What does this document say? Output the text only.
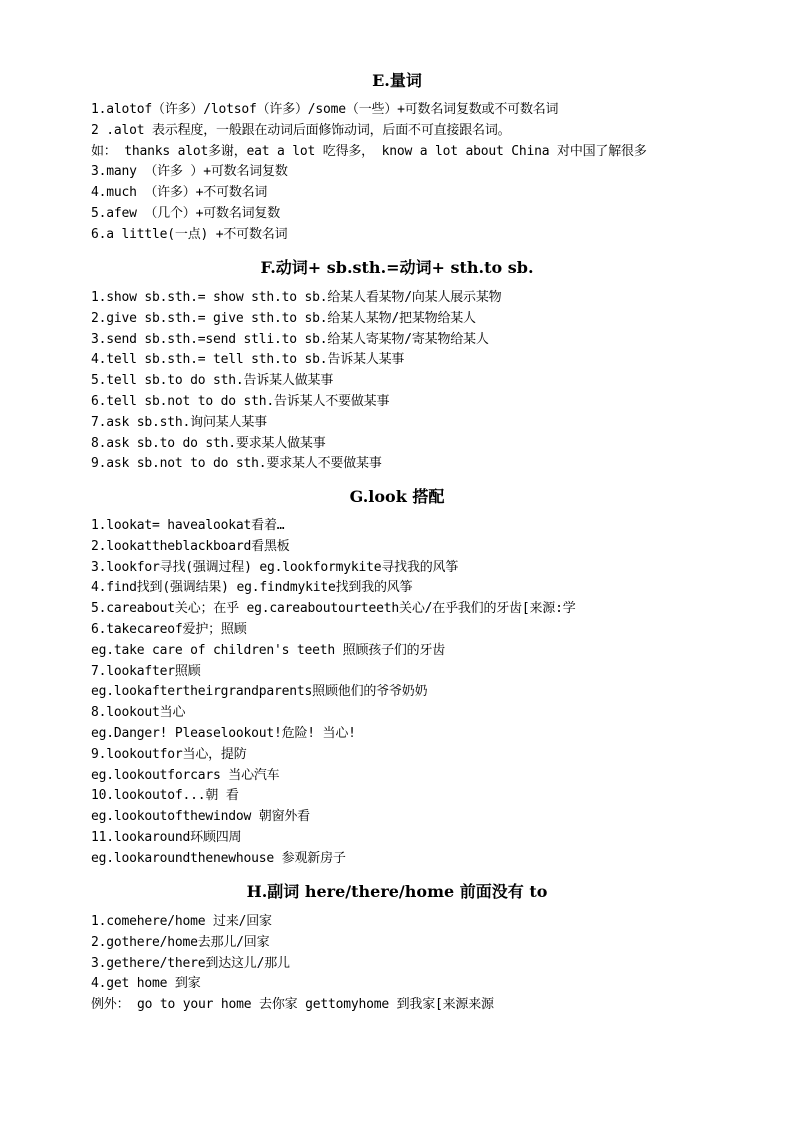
E.量词
1.alotof（许多）/lotsof（许多）/some（一些）+可数名词复数或不可数名词
2 .alot 表示程度，一般跟在动词后面修饰动词，后面不可直接跟名词。
如： thanks alot多谢，eat a lot 吃得多， know a lot about China 对中国了解很多
3.many （许多 ）+可数名词复数
4.much （许多）+不可数名词
5.afew （几个）+可数名词复数
6.a little(一点) +不可数名词
F.动词+ sb.sth.=动词+ sth.to sb.
1.show sb.sth.= show sth.to sb.给某人看某物/向某人展示某物
2.give sb.sth.= give sth.to sb.给某人某物/把某物给某人
3.send sb.sth.=send stli.to sb.给某人寄某物/寄某物给某人
4.tell sb.sth.= tell sth.to sb.告诉某人某事
5.tell sb.to do sth.告诉某人做某事
6.tell sb.not to do sth.告诉某人不要做某事
7.ask sb.sth.询问某人某事
8.ask sb.to do sth.要求某人做某事
9.ask sb.not to do sth.要求某人不要做某事
G.look 搭配
1.lookat= havealookat看着…
2.lookattheblackboard看黑板
3.lookfor寻找(强调过程) eg.lookformykite寻找我的风筝
4.find找到(强调结果) eg.findmykite找到我的风筝
5.careabout关心；在乎 eg.careaboutourteeth关心/在乎我们的牙齿[来源:学
6.takecareof爱护；照顾
eg.take care of children's teeth 照顾孩子们的牙齿
7.lookafter照顾
eg.lookaftertheirgrandparents照顾他们的爷爷奶奶
8.lookout当心
eg.Danger! Pleaselookout!危险! 当心!
9.lookoutfor当心，提防
eg.lookoutforcars 当心汽车
10.lookoutof...朝 看
eg.lookoutofthewindow 朝窗外看
11.lookaround环顾四周
eg.lookaroundthenewhouse 参观新房子
H.副词 here/there/home 前面没有 to
1.comehere/home 过来/回家
2.gothere/home去那儿/回家
3.gethere/there到达这儿/那儿
4.get home 到家
例外： go to your home 去你家 gettomyhome 到我家[来源来源
